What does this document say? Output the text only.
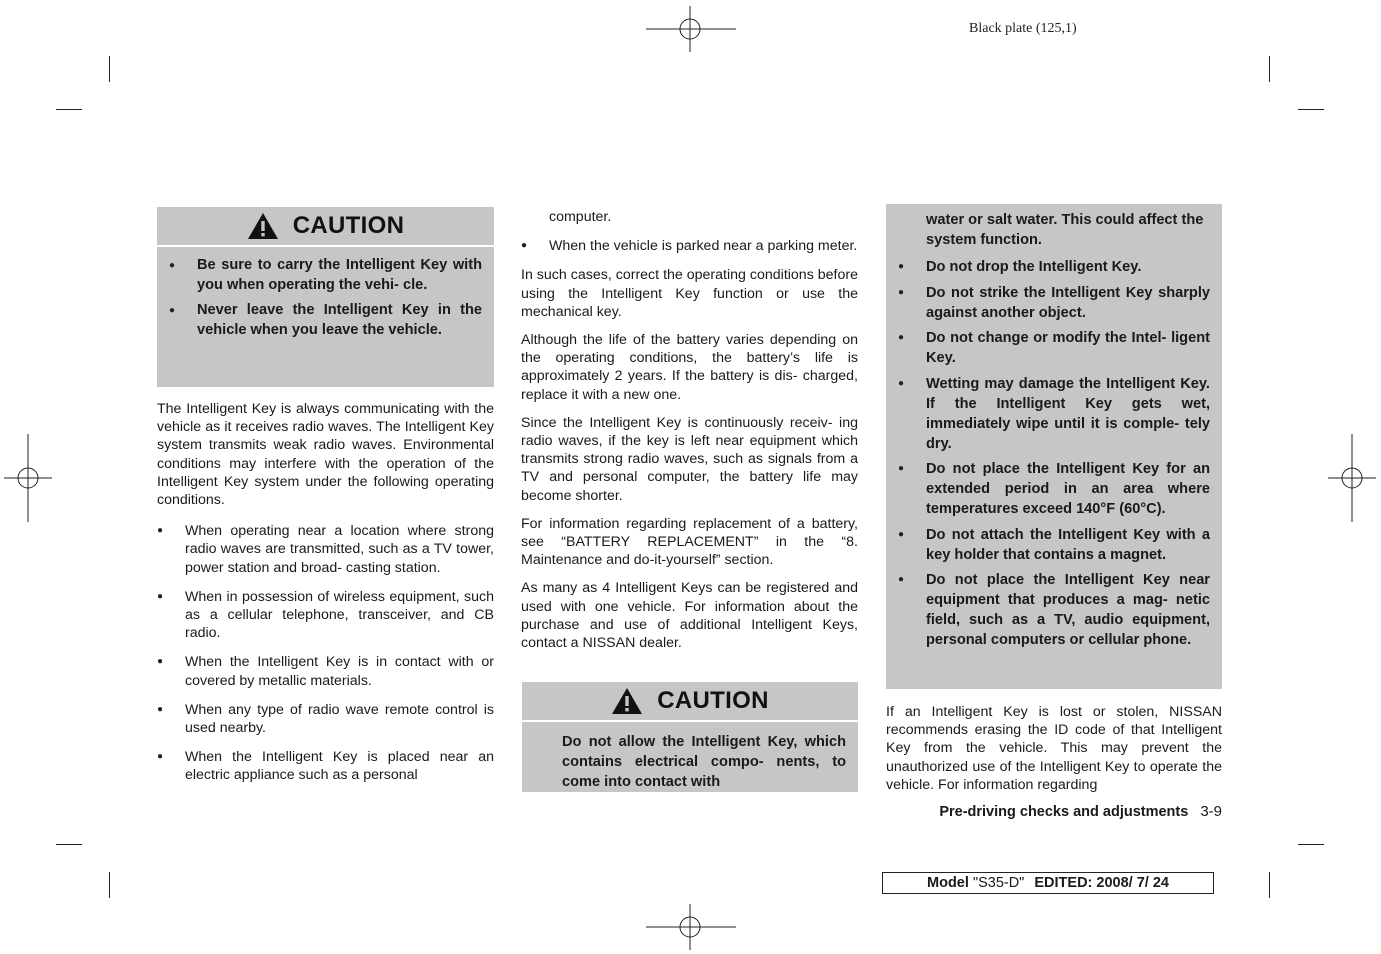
Black plate (125,1)
CAUTION
● Be sure to carry the Intelligent Key with you when operating the vehi- cle.
● Never leave the Intelligent Key in the vehicle when you leave the vehicle.

The Intelligent Key is always communicating with the vehicle as it receives radio waves. The Intelligent Key system transmits weak radio waves. Environmental conditions may interfere with the operation of the Intelligent Key system under the following operating conditions.

● When operating near a location where strong radio waves are transmitted, such as a TV tower, power station and broad- casting station.
● When in possession of wireless equipment, such as a cellular telephone, transceiver, and CB radio.
● When the Intelligent Key is in contact with or covered by metallic materials.
● When any type of radio wave remote control is used nearby.
● When the Intelligent Key is placed near an electric appliance such as a personal
computer.
● When the vehicle is parked near a parking meter.

In such cases, correct the operating conditions before using the Intelligent Key function or use the mechanical key.

Although the life of the battery varies depending on the operating conditions, the battery’s life is approximately 2 years. If the battery is dis- charged, replace it with a new one.

Since the Intelligent Key is continuously receiv- ing radio waves, if the key is left near equipment which transmits strong radio waves, such as signals from a TV and personal computer, the battery life may become shorter.

For information regarding replacement of a battery, see “BATTERY REPLACEMENT” in the “8. Maintenance and do-it-yourself” section.

As many as 4 Intelligent Keys can be registered and used with one vehicle. For information about the purchase and use of additional Intelligent Keys, contact a NISSAN dealer.

CAUTION
Do not allow the Intelligent Key, which contains electrical compo- nents, to come into contact with
water or salt water. This could affect the system function.
● Do not drop the Intelligent Key.
● Do not strike the Intelligent Key sharply against another object.
● Do not change or modify the Intel- ligent Key.
● Wetting may damage the Intelligent Key. If the Intelligent Key gets wet, immediately wipe until it is comple- tely dry.
● Do not place the Intelligent Key for an extended period in an area where temperatures exceed 140°F (60°C).
● Do not attach the Intelligent Key with a key holder that contains a magnet.
● Do not place the Intelligent Key near equipment that produces a mag- netic field, such as a TV, audio equipment, personal computers or cellular phone.

If an Intelligent Key is lost or stolen, NISSAN recommends erasing the ID code of that Intelligent Key from the vehicle. This may prevent the unauthorized use of the Intelligent Key to operate the vehicle. For information regarding

Pre-driving checks and adjustments 3-9
Model "S35-D" EDITED: 2008/ 7/ 24
